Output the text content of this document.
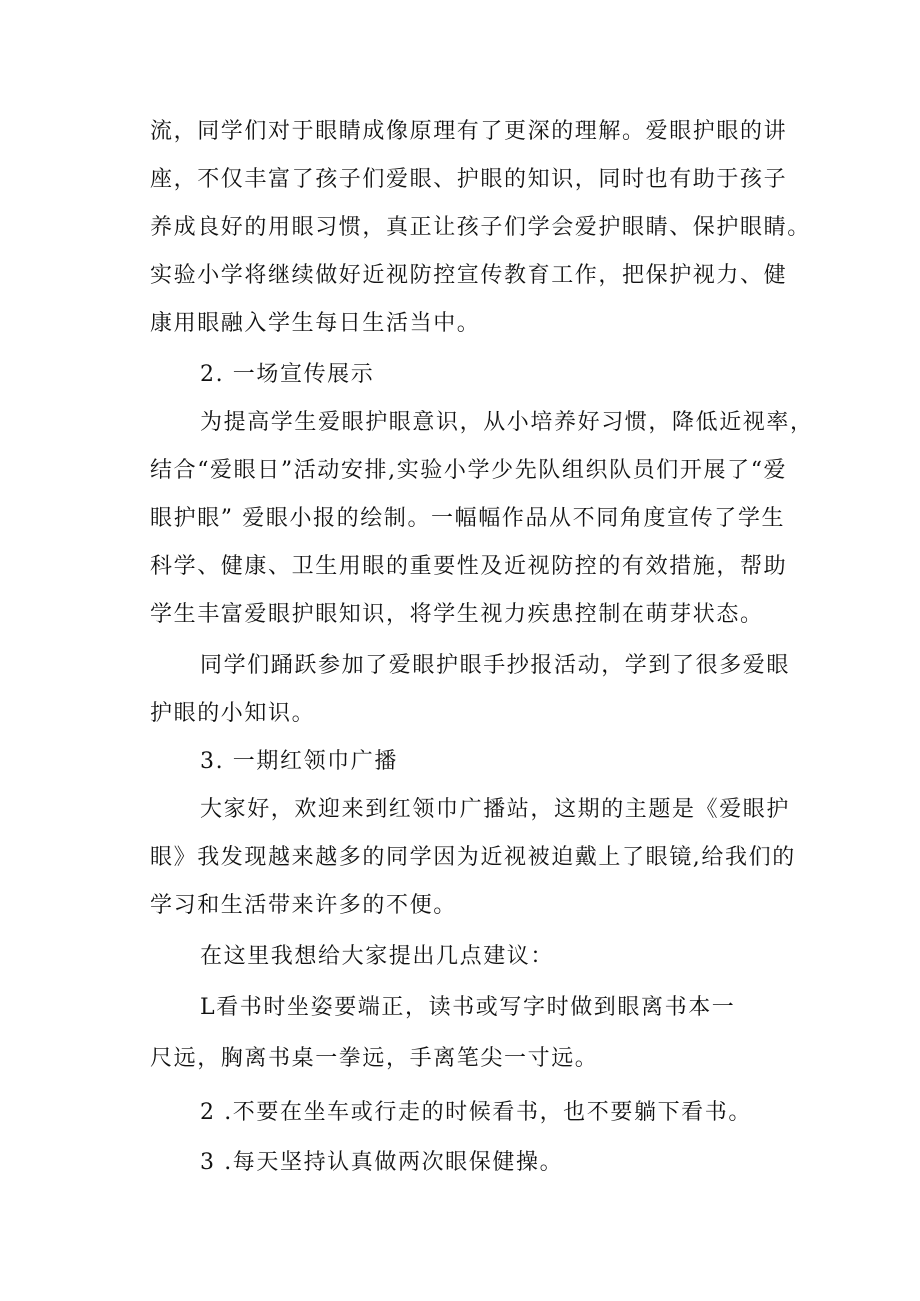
流，同学们对于眼睛成像原理有了更深的理解。爱眼护眼的讲
座，不仅丰富了孩子们爱眼、护眼的知识，同时也有助于孩子
养成良好的用眼习惯，真正让孩子们学会爱护眼睛、保护眼睛。
实验小学将继续做好近视防控宣传教育工作，把保护视力、健
康用眼融入学生每日生活当中。
2. 一场宣传展示
为提高学生爱眼护眼意识，从小培养好习惯，降低近视率，
结合“爱眼日”活动安排,实验小学少先队组织队员们开展了“爱
眼护眼” 爱眼小报的绘制。一幅幅作品从不同角度宣传了学生
科学、健康、卫生用眼的重要性及近视防控的有效措施，帮助
学生丰富爱眼护眼知识，将学生视力疾患控制在萌芽状态。
同学们踊跃参加了爱眼护眼手抄报活动，学到了很多爱眼
护眼的小知识。
3. 一期红领巾广播
大家好，欢迎来到红领巾广播站，这期的主题是《爱眼护
眼》我发现越来越多的同学因为近视被迫戴上了眼镜,给我们的
学习和生活带来许多的不便。
在这里我想给大家提出几点建议：
L看书时坐姿要端正，读书或写字时做到眼离书本一
尺远，胸离书桌一拳远，手离笔尖一寸远。
2 .不要在坐车或行走的时候看书，也不要躺下看书。
3 .每天坚持认真做两次眼保健操。
